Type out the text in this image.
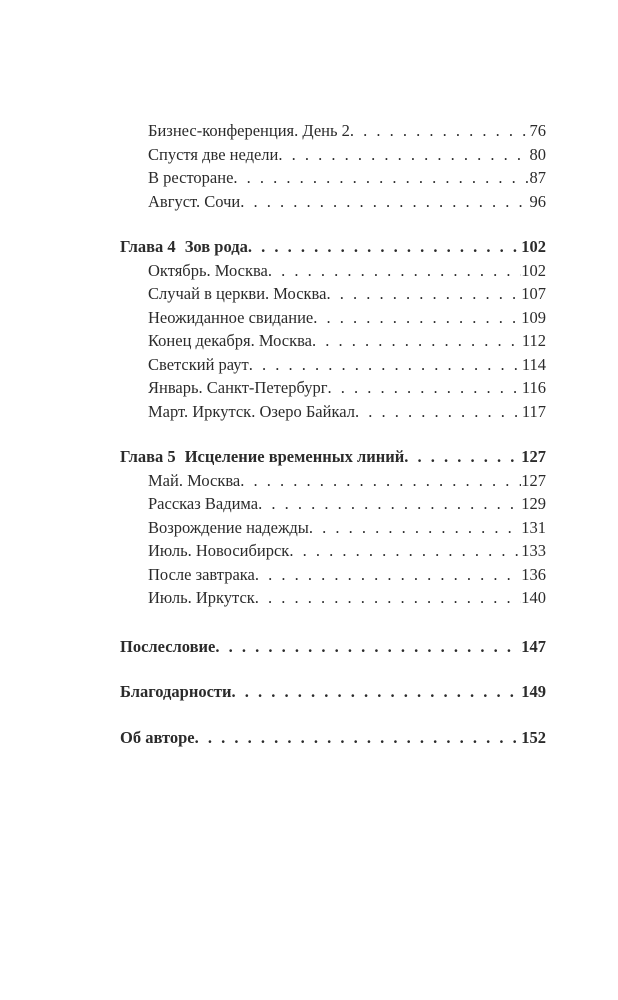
Бизнес-конференция. День 2 . . .	76
Спустя две недели . . .	80
В ресторане . . .	87
Август. Сочи . . .	96
Глава 4 Зов рода . . .	102
Октябрь. Москва . . .	102
Случай в церкви. Москва . . .	107
Неожиданное свидание . . .	109
Конец декабря. Москва . . .	112
Светский раут . . .	114
Январь. Санкт-Петербург . . .	116
Март. Иркутск. Озеро Байкал . . .	117
Глава 5 Исцеление временных линий . . .	127
Май. Москва . . .	127
Рассказ Вадима . . .	129
Возрождение надежды . . .	131
Июль. Новосибирск . . .	133
После завтрака . . .	136
Июль. Иркутск . . .	140
Послесловие . . .	147
Благодарности . . .	149
Об авторе . . .	152
